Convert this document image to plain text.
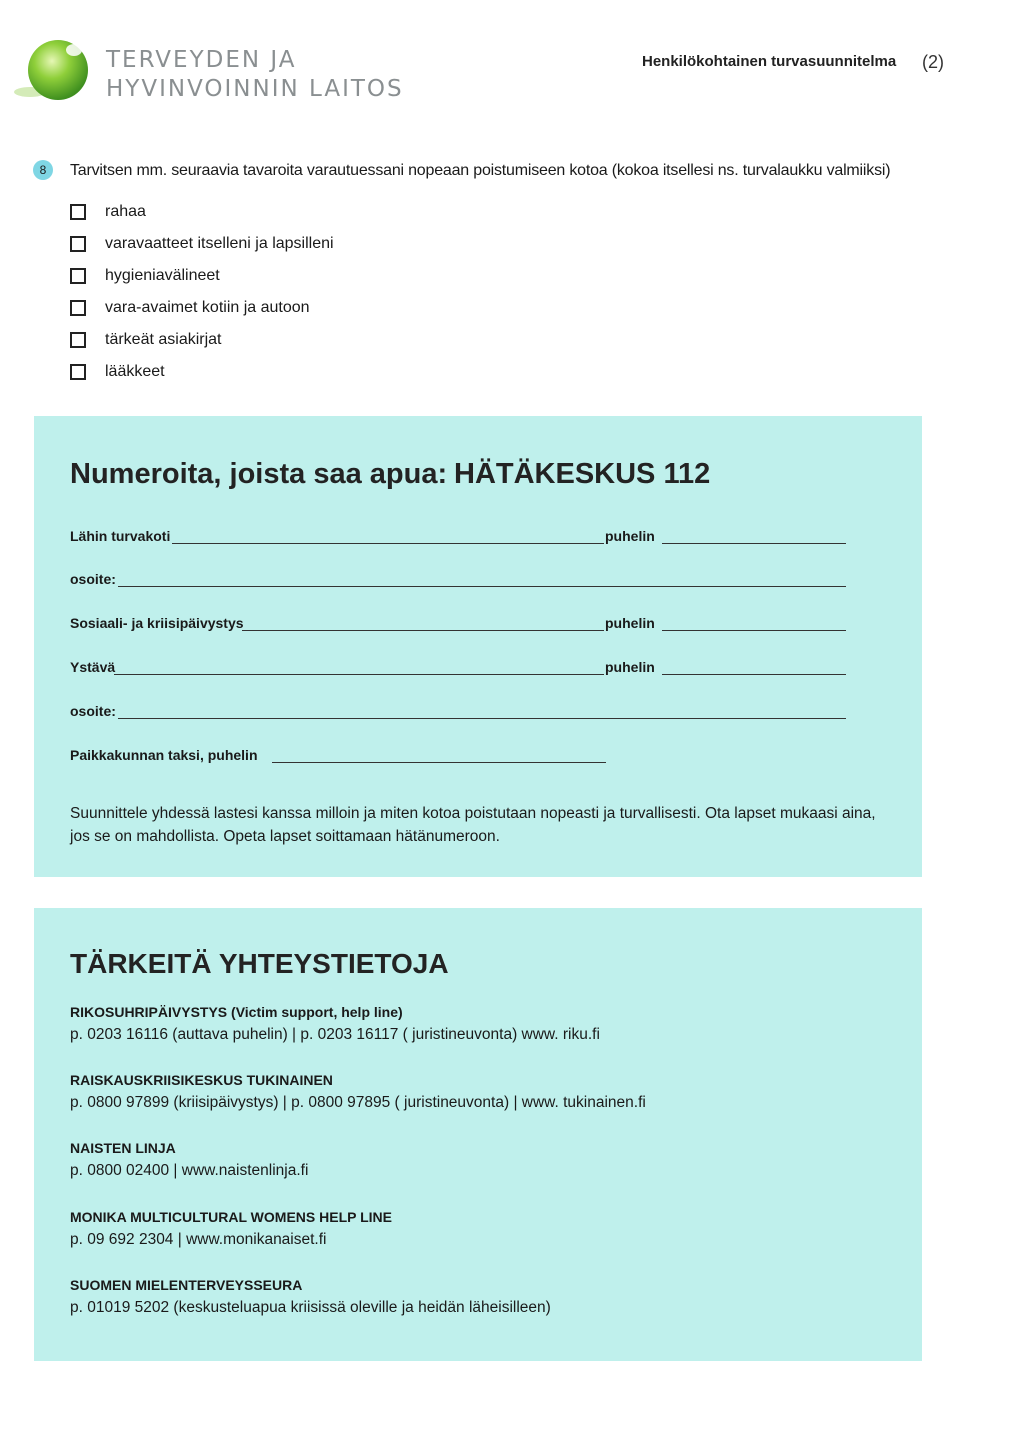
TERVEYDEN JA
HYVINVOINNIN LAITOS
Henkilökohtainen turvasuunnitelma (2)
8	Tarvitsen mm. seuraavia tavaroita varautuessani nopeaan poistumiseen kotoa (kokoa itsellesi ns. turvalaukku valmiiksi)
rahaa
varavaatteet itselleni ja lapsilleni
hygieniavälineet
vara-avaimet kotiin ja autoon
tärkeät asiakirjat
lääkkeet
Numeroita, joista saa apua: HÄTÄKESKUS 112
Lähin turvakoti	puhelin
osoite:
Sosiaali- ja kriisipäivystys	puhelin
Ystävä	puhelin
osoite:
Paikkakunnan taksi, puhelin
Suunnittele yhdessä lastesi kanssa milloin ja miten kotoa poistutaan nopeasti ja turvallisesti. Ota lapset mukaasi aina, jos se on mahdollista. Opeta lapset soittamaan hätänumeroon.
TÄRKEITÄ YHTEYSTIETOJA
RIKOSUHRIPÄIVYSTYS (Victim support, help line)
p. 0203 16116 (auttava puhelin) | p. 0203 16117 ( juristineuvonta) www. riku.fi
RAISKAUSKRIISIKESKUS TUKINAINEN
p. 0800 97899 (kriisipäivystys) | p. 0800 97895 ( juristineuvonta) | www. tukinainen.fi
NAISTEN LINJA
p. 0800 02400 | www.naistenlinja.fi
MONIKA MULTICULTURAL WOMENS HELP LINE
p. 09 692 2304 | www.monikanaiset.fi
SUOMEN MIELENTERVEYSSEURA
p. 01019 5202 (keskusteluapua kriisissä oleville ja heidän läheisilleen)
